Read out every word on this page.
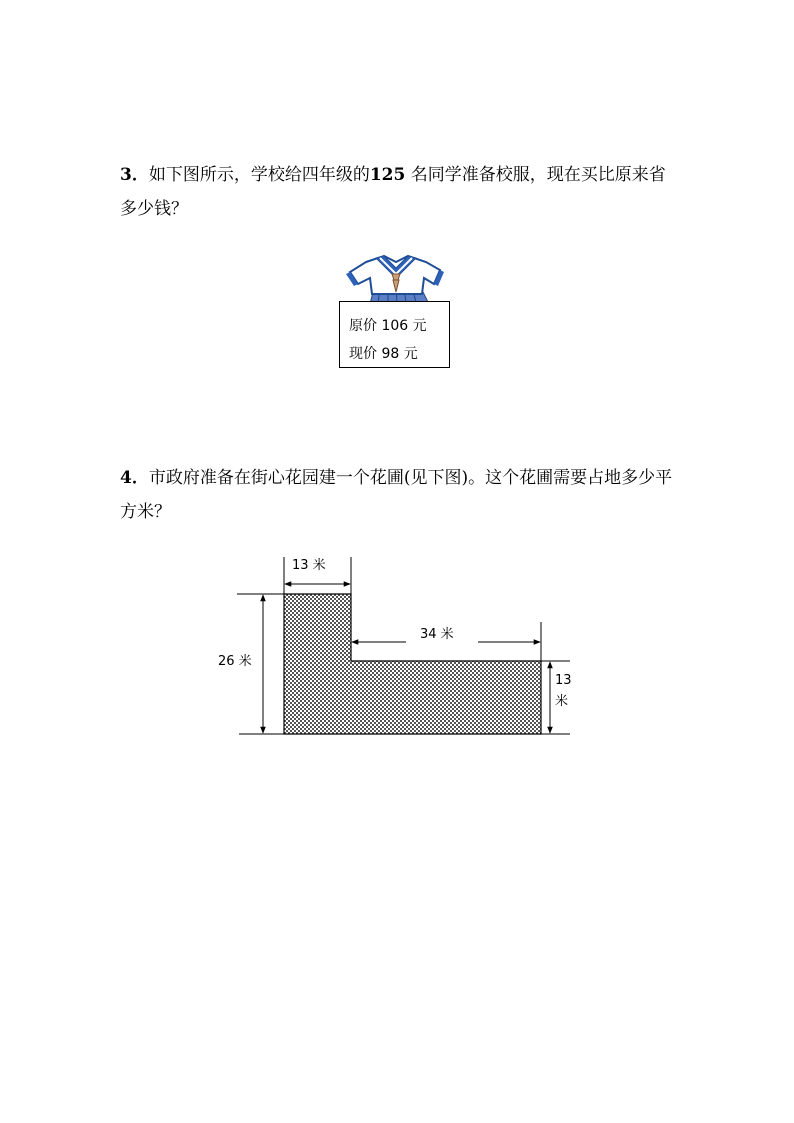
3．如下图所示，学校给四年级的125 名同学准备校服，现在买比原来省多少钱？
原价 106 元
现价 98 元
4．市政府准备在街心花园建一个花圃(见下图)。这个花圃需要占地多少平方米？
13 米
34 米
26 米
13
米
